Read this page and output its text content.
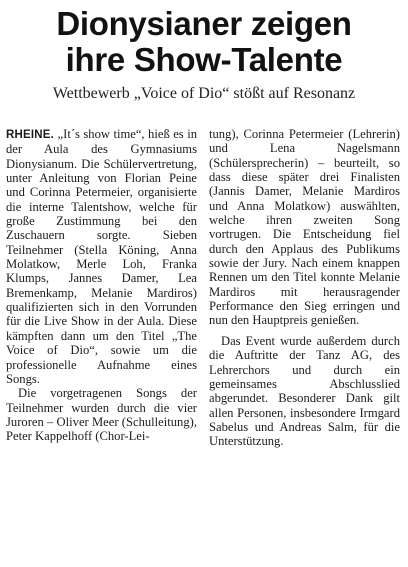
Dionysianer zeigen
ihre Show-Talente
Wettbewerb „Voice of Dio“ stößt auf Resonanz

RHEINE. „It´s show time“, hieß es in der Aula des Gymnasiums Dionysianum. Die Schülervertretung, unter Anleitung von Florian Peine und Corinna Petermeier, organisierte die interne Talentshow, welche für große Zustimmung bei den Zuschauern sorgte. Sieben Teilnehmer (Stella Köning, Anna Molatkow, Merle Loh, Franka Klumps, Jannes Damer, Lea Bremenkamp, Melanie Mardiros) qualifizierten sich in den Vorrunden für die Live Show in der Aula. Diese kämpften dann um den Titel „The Voice of Dio“, sowie um die professionelle Aufnahme eines Songs.

Die vorgetragenen Songs der Teilnehmer wurden durch die vier Juroren – Oliver Meer (Schulleitung), Peter Kappelhoff (Chor-Lei-

tung), Corinna Petermeier (Lehrerin) und Lena Nagelsmann (Schülersprecherin) – beurteilt, so dass diese später drei Finalisten (Jannis Damer, Melanie Mardiros und Anna Molatkow) auswählten, welche ihren zweiten Song vortrugen. Die Entscheidung fiel durch den Applaus des Publikums sowie der Jury. Nach einem knappen Rennen um den Titel konnte Melanie Mardiros mit herausragender Performance den Sieg erringen und nun den Hauptpreis genießen.

Das Event wurde außerdem durch die Auftritte der Tanz AG, des Lehrerchors und durch ein gemeinsames Abschlusslied abgerundet. Besonderer Dank gilt allen Personen, insbesondere Irmgard Sabelus und Andreas Salm, für die Unterstützung.
